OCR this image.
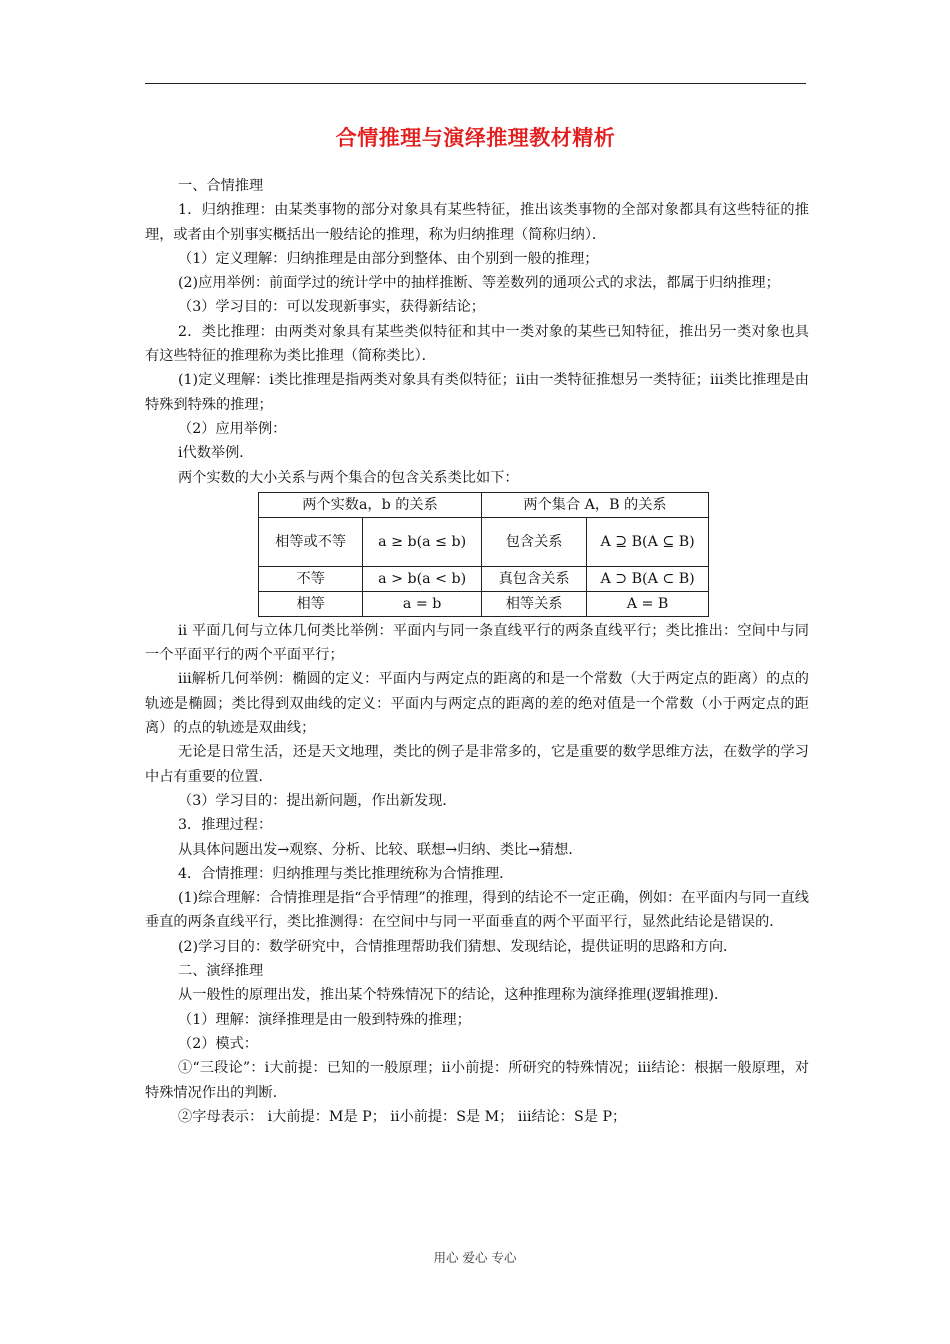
合情推理与演绎推理教材精析

一、合情推理

1．归纳推理：由某类事物的部分对象具有某些特征，推出该类事物的全部对象都具有这些特征的推理，或者由个别事实概括出一般结论的推理，称为归纳推理（简称归纳）．

（1）定义理解：归纳推理是由部分到整体、由个别到一般的推理；

(2)应用举例：前面学过的统计学中的抽样推断、等差数列的通项公式的求法，都属于归纳推理；

（3）学习目的：可以发现新事实，获得新结论；

2．类比推理：由两类对象具有某些类似特征和其中一类对象的某些已知特征，推出另一类对象也具有这些特征的推理称为类比推理（简称类比）．

(1)定义理解：ⅰ类比推理是指两类对象具有类似特征；ⅱ由一类特征推想另一类特征；ⅲ类比推理是由特殊到特殊的推理；

（2）应用举例：

ⅰ代数举例．

两个实数的大小关系与两个集合的包含关系类比如下：

两个实数a，b 的关系		两个集合 A，B 的关系	
相等或不等	a ≥ b(a ≤ b)	包含关系	A ⊇ B(A ⊆ B)
不等	a > b(a < b)	真包含关系	A ⊃ B(A ⊂ B)
相等	a = b	相等关系	A = B

ⅱ 平面几何与立体几何类比举例：平面内与同一条直线平行的两条直线平行；类比推出：空间中与同一个平面平行的两个平面平行；

ⅲ解析几何举例：椭圆的定义：平面内与两定点的距离的和是一个常数（大于两定点的距离）的点的轨迹是椭圆；类比得到双曲线的定义：平面内与两定点的距离的差的绝对值是一个常数（小于两定点的距离）的点的轨迹是双曲线；

无论是日常生活，还是天文地理，类比的例子是非常多的，它是重要的数学思维方法，在数学的学习中占有重要的位置．

（3）学习目的：提出新问题，作出新发现．

3．推理过程：

从具体问题出发→观察、分析、比较、联想→归纳、类比→猜想．

4．合情推理：归纳推理与类比推理统称为合情推理．

(1)综合理解：合情推理是指“合乎情理”的推理，得到的结论不一定正确，例如：在平面内与同一直线垂直的两条直线平行，类比推测得：在空间中与同一平面垂直的两个平面平行，显然此结论是错误的．

(2)学习目的：数学研究中，合情推理帮助我们猜想、发现结论，提供证明的思路和方向．

二、演绎推理

从一般性的原理出发，推出某个特殊情况下的结论，这种推理称为演绎推理(逻辑推理)．

（1）理解：演绎推理是由一般到特殊的推理；

（2）模式：

①“三段论”：ⅰ大前提：已知的一般原理；ⅱ小前提：所研究的特殊情况；ⅲ结论：根据一般原理，对特殊情况作出的判断．

②字母表示： ⅰ大前提：M是 P； ⅱ小前提：S是 M； ⅲ结论：S是 P；

用心 爱心 专心
